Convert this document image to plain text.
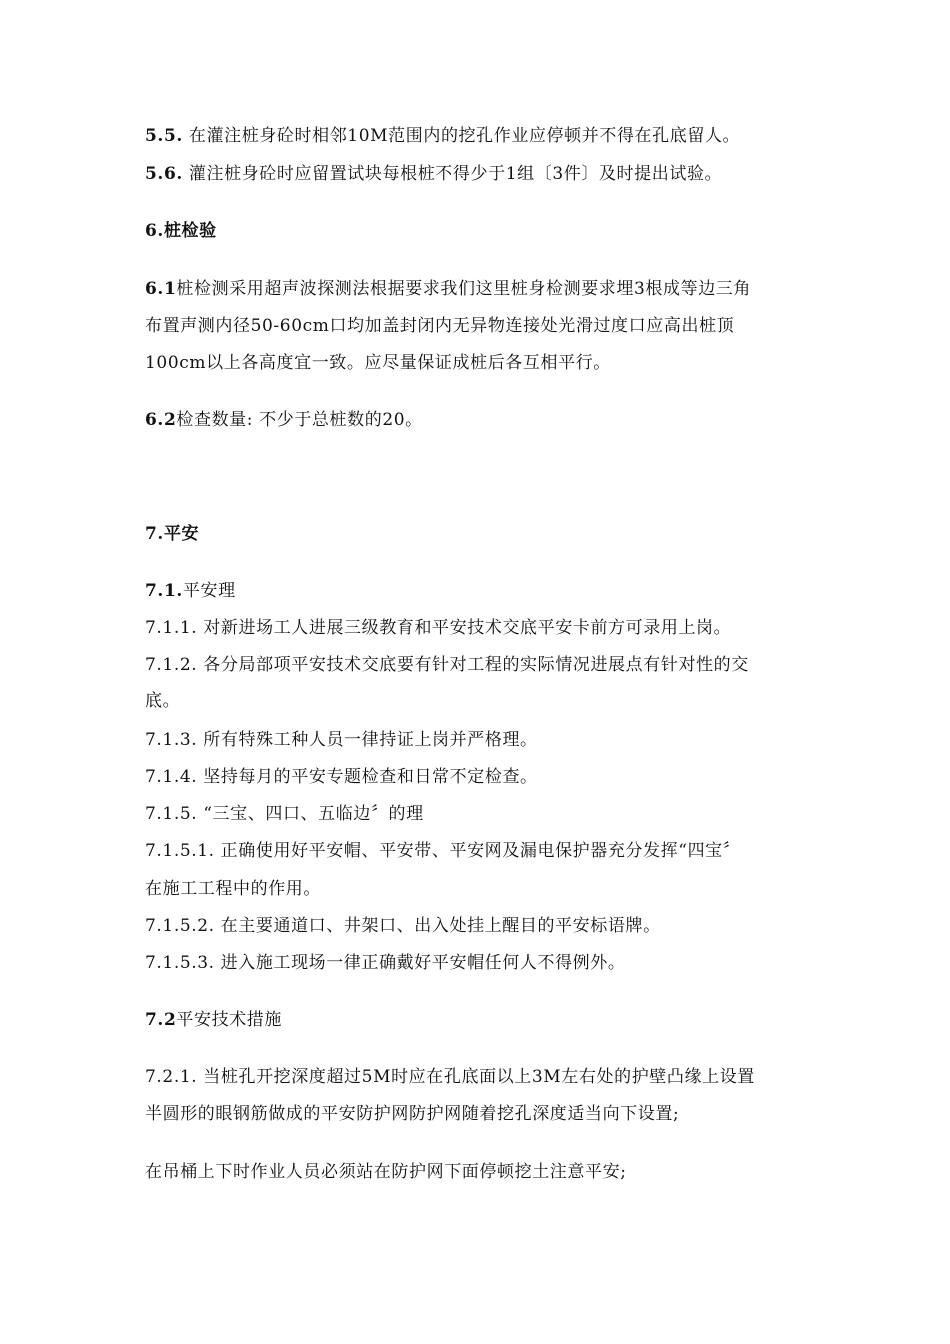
5.5. 在灌注桩身砼时相邻10M范围内的挖孔作业应停顿并不得在孔底留人。
5.6. 灌注桩身砼时应留置试块每根桩不得少于1组〔3件〕及时提出试验。
6.桩检验
6.1桩检测采用超声波探测法根据要求我们这里桩身检测要求埋3根成等边三角
布置声测内径50-60cm口均加盖封闭内无异物连接处光滑过度口应高出桩顶
100cm以上各高度宜一致。应尽量保证成桩后各互相平行。
6.2检查数量: 不少于总桩数的20。
7.平安
7.1.平安理
7.1.1. 对新进场工人进展三级教育和平安技术交底平安卡前方可录用上岗。
7.1.2. 各分局部项平安技术交底要有针对工程的实际情况进展点有针对性的交
底。
7.1.3. 所有特殊工种人员一律持证上岗并严格理。
7.1.4. 坚持每月的平安专题检查和日常不定检查。
7.1.5. “三宝、四口、五临边〞的理
7.1.5.1. 正确使用好平安帽、平安带、平安网及漏电保护器充分发挥“四宝〞
在施工工程中的作用。
7.1.5.2. 在主要通道口、井架口、出入处挂上醒目的平安标语牌。
7.1.5.3. 进入施工现场一律正确戴好平安帽任何人不得例外。
7.2平安技术措施
7.2.1. 当桩孔开挖深度超过5M时应在孔底面以上3M左右处的护壁凸缘上设置
半圆形的眼钢筋做成的平安防护网防护网随着挖孔深度适当向下设置;
在吊桶上下时作业人员必须站在防护网下面停顿挖土注意平安;
